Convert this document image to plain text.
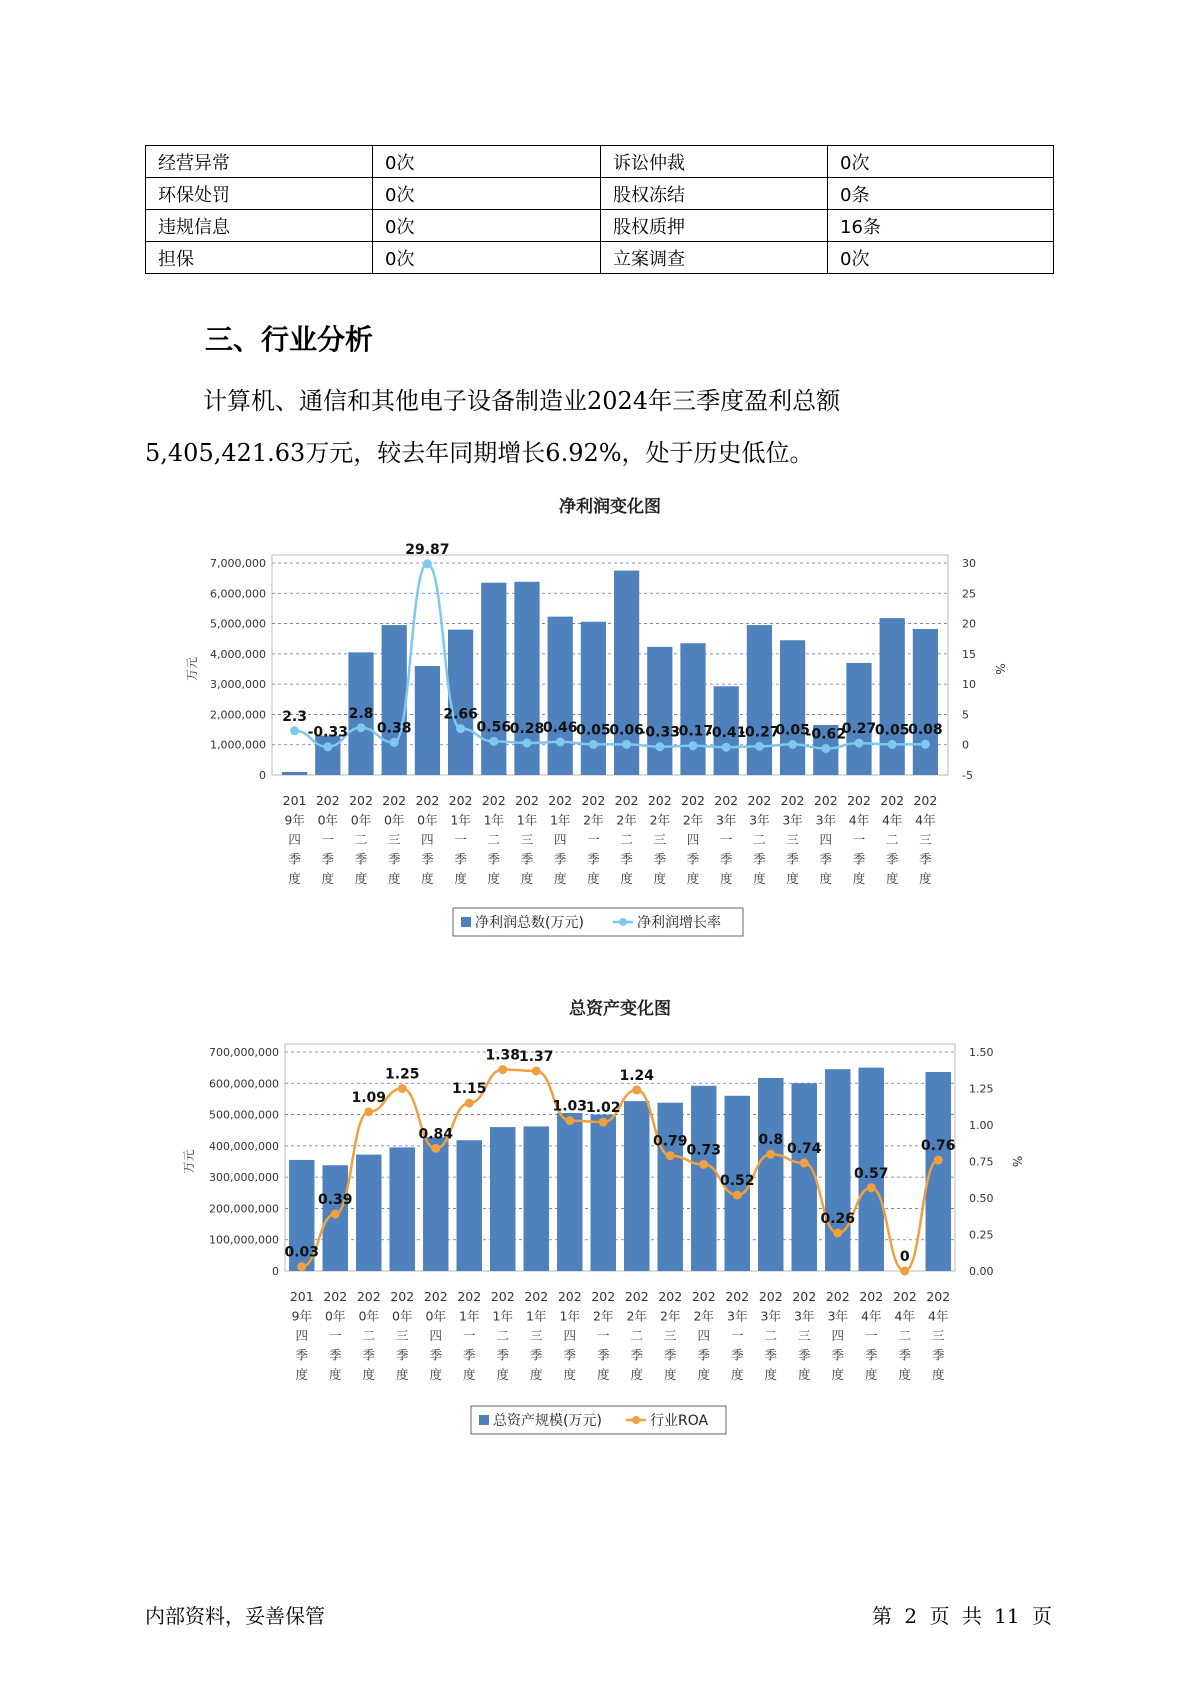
经营异常	0次	诉讼仲裁	0次
环保处罚	0次	股权冻结	0条
违规信息	0次	股权质押	16条
担保	0次	立案调查	0次
三、行业分析

计算机、通信和其他电子设备制造业2024年三季度盈利总额
5,405,421.63万元，较去年同期增长6.92%，处于历史低位。

净利润变化图
0
1,000,000
2,000,000
3,000,000
4,000,000
5,000,000
6,000,000
7,000,000
-5
0
5
10
15
20
25
30
万元	%
201 9年四季度
202 0年一季度
202 0年二季度
202 0年三季度
202 0年四季度
202 1年一季度
202 1年二季度
202 1年三季度
202 1年四季度
202 2年一季度
202 2年二季度
202 2年三季度
202 2年四季度
202 3年一季度
202 3年二季度
202 3年三季度
202 3年四季度
202 4年一季度
202 4年二季度
202 4年三季度
2.3
-0.33
2.8
0.38
29.87
2.66
0.56
0.28
0.46
0.05
0.06
-0.33
-0.17
-0.41
-0.27
0.05
-0.62
0.27
0.05
0.08
净利润总数(万元)	净利润增长率
总资产变化图
0
100,000,000
200,000,000
300,000,000
400,000,000
500,000,000
600,000,000
700,000,000
0.00
0.25
0.50
0.75
1.00
1.25
1.50
万元	%
201 9年四季度
202 0年一季度
202 0年二季度
202 0年三季度
202 0年四季度
202 1年一季度
202 1年二季度
202 1年三季度
202 1年四季度
202 2年一季度
202 2年二季度
202 2年三季度
202 2年四季度
202 3年一季度
202 3年二季度
202 3年三季度
202 3年四季度
202 4年一季度
202 4年二季度
202 4年三季度
0.03
0.39
1.09
1.25
0.84
1.15
1.38
1.37
1.03
1.02
1.24
0.79
0.73
0.52
0.8
0.74
0.26
0.57
0
0.76
总资产规模(万元)	行业ROA
内部资料，妥善保管	第 2 页 共 11 页
